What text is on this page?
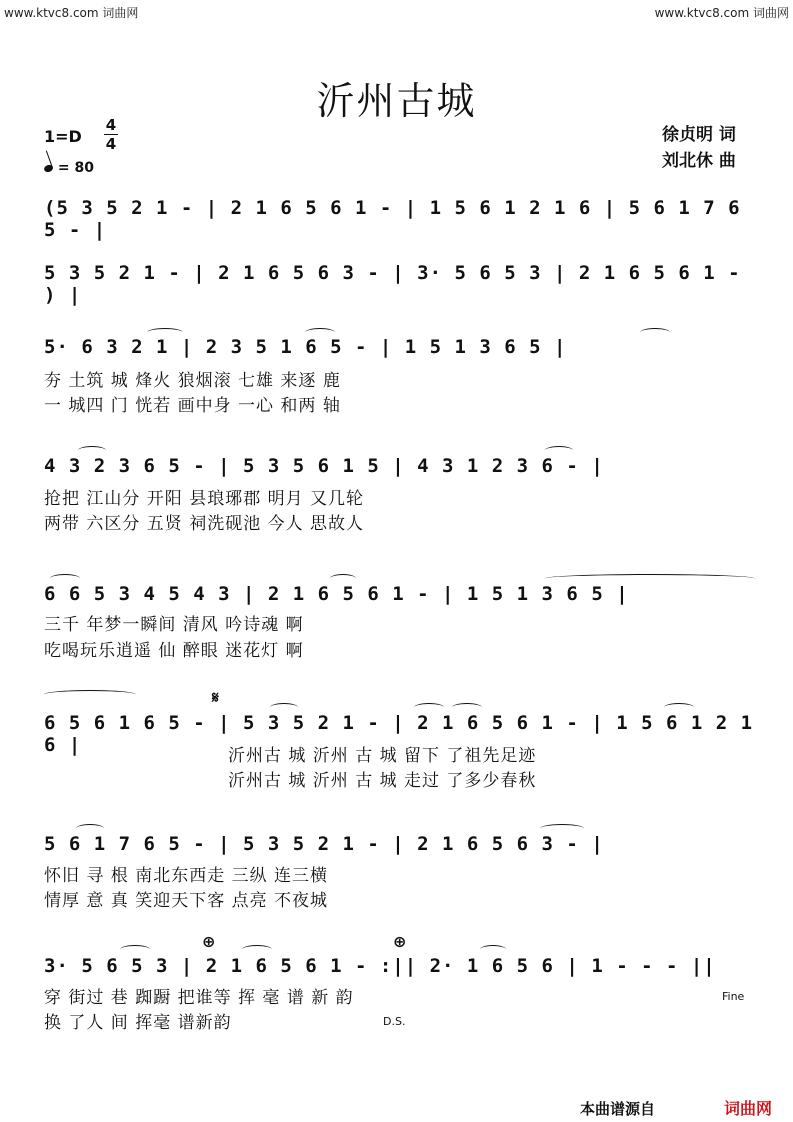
www.ktvc8.com 词曲网	www.ktvc8.com 词曲网
沂州古城
1=D
4
4
= 80
徐贞明 词
刘北休 曲
(5 3 5 2 1 - | 2 1 6 5 6 1 - | 1 5 6 1 2 1 6 | 5 6 1 7 6 5 - |
5 3 5 2 1 - | 2 1 6 5 6 3 - | 3· 5 6 5 3 | 2 1 6 5 6 1 - ) |
5· 6 3 2 1 | 2 3 5 1 6 5 - | 1 5 1 3 6 5 |
夯 土筑 城 烽火 狼烟滚 七雄 来逐 鹿
一 城四 门 恍若 画中身 一心 和两 轴
4 3 2 3 6 5 - | 5 3 5 6 1 5 | 4 3 1 2 3 6 - |
抢把 江山分 开阳 县琅琊郡 明月 又几轮
两带 六区分 五贤 祠洗砚池 今人 思故人
6 6 5 3 4 5 4 3 | 2 1 6 5 6 1 - | 1 5 1 3 6 5 |
三千 年梦一瞬间 清风 吟诗魂 啊
吃喝玩乐逍遥 仙 醉眼 迷花灯 啊
𝄋
6 5 6 1 6 5 - | 5 3 5 2 1 - | 2 1 6 5 6 1 - | 1 5 6 1 2 1 6 |	沂州古 城 沂州 古 城 留下 了祖先足迹
沂州古 城 沂州 古 城 走过 了多少春秋
5 6 1 7 6 5 - | 5 3 5 2 1 - | 2 1 6 5 6 3 - |
怀旧 寻 根 南北东西走 三纵 连三横
情厚 意 真 笑迎天下客 点亮 不夜城
⊕	⊕
3· 5 6 5 3 | 2 1 6 5 6 1 - :|| 2· 1 6 5 6 | 1 - - - ||
穿 街过 巷 踟蹰 把谁等 挥 毫 谱 新 韵
换 了人 间 挥毫 谱新韵
Fine
D.S.
本曲谱源自	词曲网
